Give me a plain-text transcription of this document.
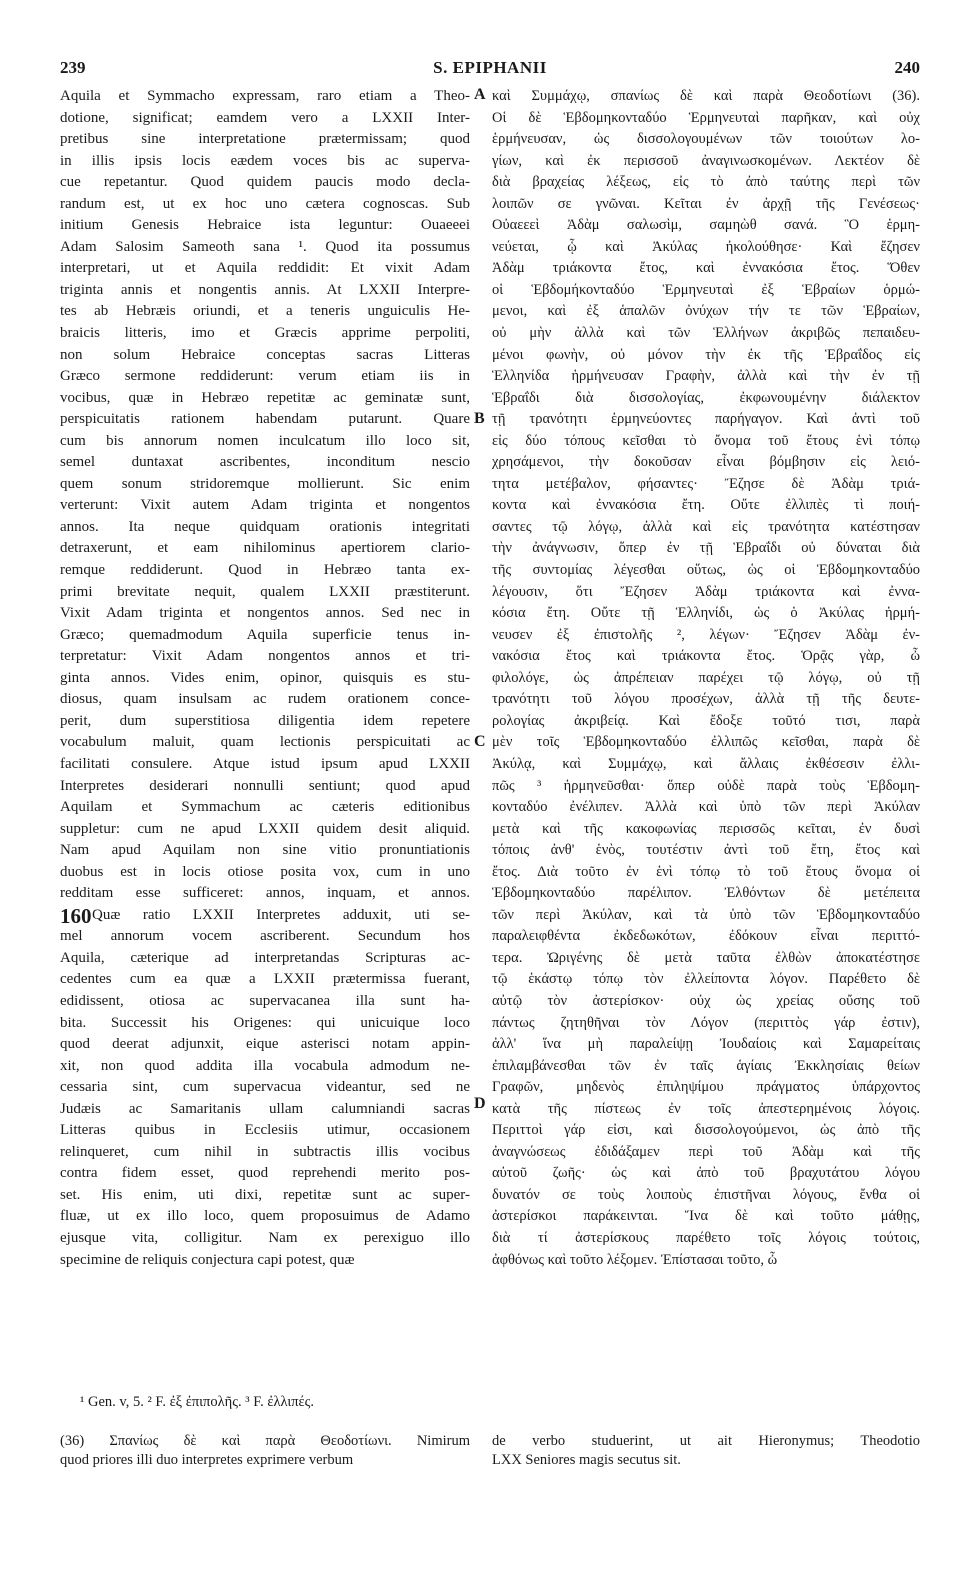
239	S. EPIPHANII	240
Aquila et Symmacho expressam, raro etiam a Theo-
dotione, significat; eamdem vero a LXXII Inter-
pretibus sine interpretatione prætermissam; quod
in illis ipsis locis eædem voces bis ac superva-
cue repetantur. Quod quidem paucis modo decla-
randum est, ut ex hoc uno cætera cognoscas. Sub
initium Genesis Hebraice ista leguntur: Ouaeeei
Adam Salosim Sameoth sana ¹. Quod ita possumus
interpretari, ut et Aquila reddidit: Et vixit Adam
triginta annis et nongentis annis. At LXXII Interpre-
tes ab Hebræis oriundi, et a teneris unguiculis He-
braicis litteris, imo et Græcis apprime perpoliti,
non solum Hebraice conceptas sacras Litteras
Græco sermone reddiderunt: verum etiam iis in
vocibus, quæ in Hebræo repetitæ ac geminatæ sunt,
perspicuitatis rationem habendam putarunt. Quare
cum bis annorum nomen inculcatum illo loco sit,
semel duntaxat ascribentes, inconditum nescio
quem sonum stridoremque mollierunt. Sic enim
verterunt: Vixit autem Adam triginta et nongentos
annos. Ita neque quidquam orationis integritati
detraxerunt, et eam nihilominus apertiorem clario-
remque reddiderunt. Quod in Hebræo tanta ex-
primi brevitate nequit, qualem LXXII præstiterunt.
Vixit Adam triginta et nongentos annos. Sed nec in
Græco; quemadmodum Aquila superficie tenus in-
terpretatur: Vixit Adam nongentos annos et tri-
ginta annos. Vides enim, opinor, quisquis es stu-
diosus, quam insulsam ac rudem orationem conce-
perit, dum superstitiosa diligentia idem repetere
vocabulum maluit, quam lectionis perspicuitati ac
facilitati consulere. Atque istud ipsum apud LXXII
Interpretes desiderari nonnulli sentiunt; quod apud
Aquilam et Symmachum ac cæteris editionibus
suppletur: cum ne apud LXXII quidem desit aliquid.
Nam apud Aquilam non sine vitio pronuntiationis
duobus est in locis otiose posita vox, cum in uno
redditam esse sufficeret: annos, inquam, et annos.
Quæ ratio LXXII Interpretes adduxit, uti se-
mel annorum vocem ascriberent. Secundum hos
Aquila, cæterique ad interpretandas Scripturas ac-
cedentes cum ea quæ a LXXII prætermissa fuerant,
edidissent, otiosa ac supervacanea illa sunt ha-
bita. Successit his Origenes: qui unicuique loco
quod deerat adjunxit, eique asterisci notam appin-
xit, non quod addita illa vocabula admodum ne-
cessaria sint, cum supervacua videantur, sed ne
Judæis ac Samaritanis ullam calumniandi sacras
Litteras quibus in Ecclesiis utimur, occasionem
relinqueret, cum nihil in subtractis illis vocibus
contra fidem esset, quod reprehendi merito pos-
set. His enim, uti dixi, repetitæ sunt ac super-
fluæ, ut ex illo loco, quem proposuimus de Adamo
ejusque vita, colligitur. Nam ex perexiguo illo
specimine de reliquis conjectura capi potest, quæ
καὶ Συμμάχῳ, σπανίως δὲ καὶ παρὰ Θεοδοτίωνι (36).
Οἱ δὲ Ἑβδομηκονταδύο Ἑρμηνευταὶ παρῆκαν, καὶ οὐχ
ἑρμήνευσαν, ὡς δισσολογουμένων τῶν τοιούτων λο-
γίων, καὶ ἐκ περισσοῦ ἀναγινωσκομένων. Λεκτέον δὲ
διὰ βραχείας λέξεως, εἰς τὸ ἀπὸ ταύτης περὶ τῶν
λοιπῶν σε γνῶναι. Κεῖται ἐν ἀρχῇ τῆς Γενέσεως·
Οὐαεεεὶ Ἀδὰμ σαλωσὶμ, σαμηὼθ σανά. Ὃ ἑρμη-
νεύεται, ᾧ καὶ Ἀκύλας ἠκολούθησε· Καὶ ἔζησεν
Ἀδὰμ τριάκοντα ἔτος, καὶ ἐννακόσια ἔτος. Ὅθεν
οἱ Ἑβδομήκονταδύο Ἑρμηνευταὶ ἐξ Ἑβραίων ὁρμώ-
μενοι, καὶ ἐξ ἁπαλῶν ὀνύχων τήν τε τῶν Ἑβραίων,
οὐ μὴν ἀλλὰ καὶ τῶν Ἑλλήνων ἀκριβῶς πεπαιδευ-
μένοι φωνὴν, οὐ μόνον τὴν ἐκ τῆς Ἑβραΐδος εἰς
Ἑλληνίδα ἡρμήνευσαν Γραφὴν, ἀλλὰ καὶ τὴν ἐν τῇ
Ἑβραΐδι διὰ δισσολογίας, ἐκφωνουμένην διάλεκτον
τῇ τρανότητι ἑρμηνεύοντες παρήγαγον. Καὶ ἀντὶ τοῦ
εἰς δύο τόπους κεῖσθαι τὸ ὄνομα τοῦ ἔτους ἑνὶ τόπῳ
χρησάμενοι, τὴν δοκοῦσαν εἶναι βόμβησιν εἰς λειό-
τητα μετέβαλον, φήσαντες· Ἔζησε δὲ Ἀδὰμ τριά-
κοντα καὶ ἐννακόσια ἔτη. Οὔτε ἐλλιπὲς τὶ ποιή-
σαντες τῷ λόγῳ, ἀλλὰ καὶ εἰς τρανότητα κατέστησαν
τὴν ἀνάγνωσιν, ὅπερ ἐν τῇ Ἑβραΐδι οὐ δύναται διὰ
τῆς συντομίας λέγεσθαι οὕτως, ὡς οἱ Ἑβδομηκονταδύο
λέγουσιν, ὅτι Ἔζησεν Ἀδὰμ τριάκοντα καὶ ἐννα-
κόσια ἔτη. Οὔτε τῇ Ἑλληνίδι, ὡς ὁ Ἀκύλας ἡρμή-
νευσεν ἐξ ἐπιστολῆς ², λέγων· Ἔζησεν Ἀδὰμ ἐν-
νακόσια ἔτος καὶ τριάκοντα ἔτος. Ὁρᾷς γὰρ, ὦ
φιλολόγε, ὡς ἀπρέπειαν παρέχει τῷ λόγῳ, οὐ τῇ
τρανότητι τοῦ λόγου προσέχων, ἀλλὰ τῇ τῆς δευτε-
ρολογίας ἀκριβείᾳ. Καὶ ἔδοξε τοῦτό τισι, παρὰ
μὲν τοῖς Ἑβδομηκονταδύο ἐλλιπῶς κεῖσθαι, παρὰ δὲ
Ἀκύλᾳ, καὶ Συμμάχῳ, καὶ ἄλλαις ἐκθέσεσιν ἐλλι-
πῶς ³ ἡρμηνεῦσθαι· ὅπερ οὐδὲ παρὰ τοὺς Ἑβδομη-
κονταδύο ἐνέλιπεν. Ἀλλὰ καὶ ὑπὸ τῶν περὶ Ἀκύλαν
μετὰ καὶ τῆς κακοφωνίας περισσῶς κεῖται, ἐν δυσὶ
τόποις ἀνθ' ἑνὸς, τουτέστιν ἀντὶ τοῦ ἔτη, ἔτος καὶ
ἔτος. Διὰ τοῦτο ἐν ἑνὶ τόπῳ τὸ τοῦ ἔτους ὄνομα οἱ
Ἑβδομηκονταδύο παρέλιπον. Ἐλθόντων δὲ μετέπειτα
τῶν περὶ Ἀκύλαν, καὶ τὰ ὑπὸ τῶν Ἑβδομηκονταδύο
παραλειφθέντα ἐκδεδωκότων, ἐδόκουν εἶναι περιττό-
τερα. Ὠριγένης δὲ μετὰ ταῦτα ἐλθὼν ἀποκατέστησε
τῷ ἑκάστῳ τόπῳ τὸν ἐλλείποντα λόγον. Παρέθετο δὲ
αὐτῷ τὸν ἀστερίσκον· οὐχ ὡς χρείας οὔσης τοῦ
πάντως ζητηθῆναι τὸν Λόγον (περιττὸς γάρ ἐστιν),
ἀλλ' ἵνα μὴ παραλείψῃ Ἰουδαίοις καὶ Σαμαρείταις
ἐπιλαμβάνεσθαι τῶν ἐν ταῖς ἁγίαις Ἐκκλησίαις θείων
Γραφῶν, μηδενὸς ἐπιληψίμου πράγματος ὑπάρχοντος
κατὰ τῆς πίστεως ἐν τοῖς ἀπεστερημένοις λόγοις.
Περιττοὶ γάρ εἰσι, καὶ δισσολογούμενοι, ὡς ἀπὸ τῆς
ἀναγνώσεως ἐδιδάξαμεν περὶ τοῦ Ἀδὰμ καὶ τῆς
αὐτοῦ ζωῆς· ὡς καὶ ἀπὸ τοῦ βραχυτάτου λόγου
δυνατόν σε τοὺς λοιποὺς ἐπιστῆναι λόγους, ἔνθα οἱ
ἀστερίσκοι παράκεινται. Ἵνα δὲ καὶ τοῦτο μάθῃς,
διὰ τί ἀστερίσκους παρέθετο τοῖς λόγοις τούτοις,
ἀφθόνως καὶ τοῦτο λέξομεν. Ἐπίστασαι τοῦτο, ὦ
A
B
C
D
¹ Gen. v, 5. ² F. ἐξ ἐπιπολῆς. ³ F. ἐλλιπές.
(36) Σπανίως δὲ καὶ παρὰ Θεοδοτίωνι. Nimirum
quod priores illi duo interpretes exprimere verbum
de verbo studuerint, ut ait Hieronymus; Theodotio
LXX Seniores magis secutus sit.
160
